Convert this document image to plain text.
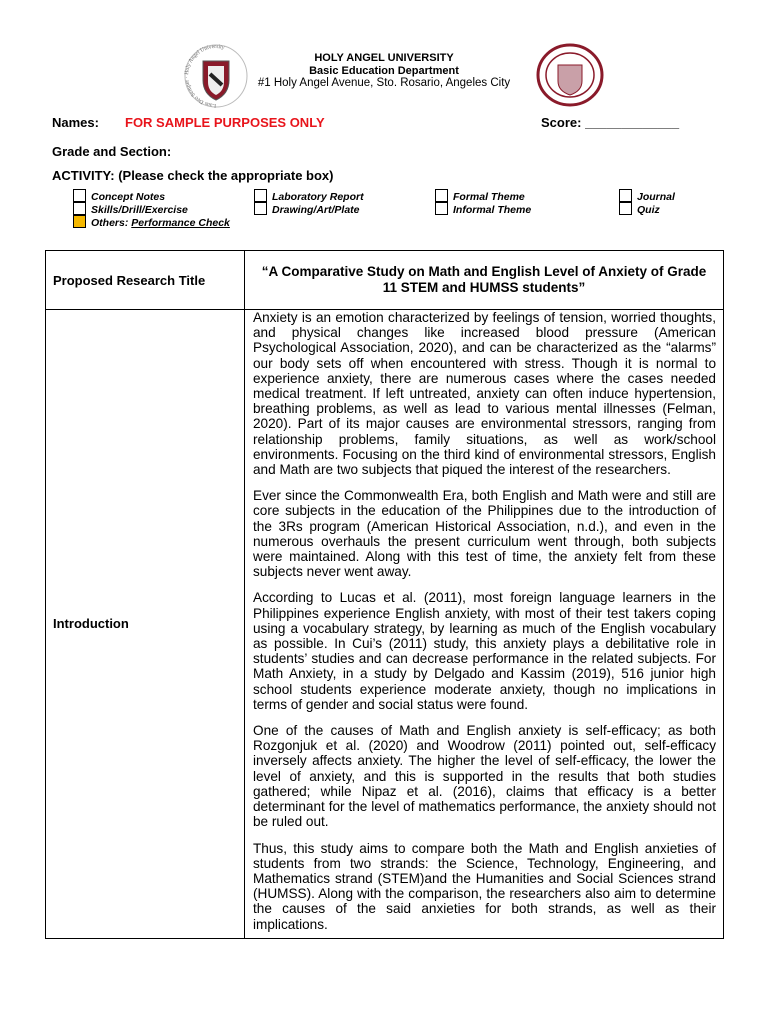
Laus Deo Semper · Holy Angel University
HOLY ANGEL UNIVERSITY
Basic Education Department
#1 Holy Angel Avenue, Sto. Rosario, Angeles City
Names: FOR SAMPLE PURPOSES ONLY	Score: _____________
Grade and Section:
ACTIVITY: (Please check the appropriate box)
Concept Notes
Skills/Drill/Exercise
Others: Performance Check
Laboratory Report
Drawing/Art/Plate
Formal Theme
Informal Theme
Journal
Quiz
Proposed Research Title	“A Comparative Study on Math and English Level of Anxiety of Grade 11 STEM and HUMSS students”
Introduction	Anxiety is an emotion characterized by feelings of tension, worried thoughts, and physical changes like increased blood pressure (American Psychological Association, 2020), and can be characterized as the “alarms” our body sets off when encountered with stress. Though it is normal to experience anxiety, there are numerous cases where the cases needed medical treatment. If left untreated, anxiety can often induce hypertension, breathing problems, as well as lead to various mental illnesses (Felman, 2020). Part of its major causes are environmental stressors, ranging from relationship problems, family situations, as well as work/school environments. Focusing on the third kind of environmental stressors, English and Math are two subjects that piqued the interest of the researchers.

Ever since the Commonwealth Era, both English and Math were and still are core subjects in the education of the Philippines due to the introduction of the 3Rs program (American Historical Association, n.d.), and even in the numerous overhauls the present curriculum went through, both subjects were maintained. Along with this test of time, the anxiety felt from these subjects never went away.

According to Lucas et al. (2011), most foreign language learners in the Philippines experience English anxiety, with most of their test takers coping using a vocabulary strategy, by learning as much of the English vocabulary as possible. In Cui’s (2011) study, this anxiety plays a debilitative role in students’ studies and can decrease performance in the related subjects. For Math Anxiety, in a study by Delgado and Kassim (2019), 516 junior high school students experience moderate anxiety, though no implications in terms of gender and social status were found.

One of the causes of Math and English anxiety is self-efficacy; as both Rozgonjuk et al. (2020) and Woodrow (2011) pointed out, self-efficacy inversely affects anxiety. The higher the level of self-efficacy, the lower the level of anxiety, and this is supported in the results that both studies gathered; while Nipaz et al. (2016), claims that efficacy is a better determinant for the level of mathematics performance, the anxiety should not be ruled out.

Thus, this study aims to compare both the Math and English anxieties of students from two strands: the Science, Technology, Engineering, and Mathematics strand (STEM)and the Humanities and Social Sciences strand (HUMSS). Along with the comparison, the researchers also aim to determine the causes of the said anxieties for both strands, as well as their implications.
